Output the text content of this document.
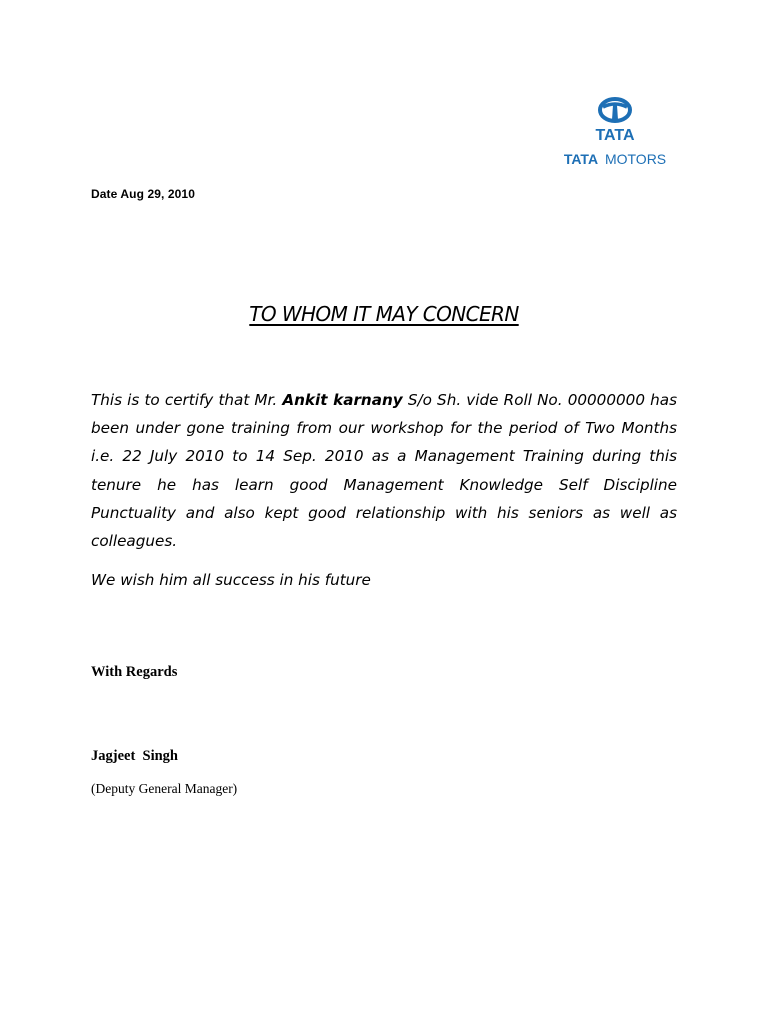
TATA
TATA MOTORS
Date Aug 29, 2010
TO WHOM IT MAY CONCERN

This is to certify that Mr. Ankit karnany S/o Sh. vide Roll No. 00000000 has been under gone training from our workshop for the period of Two Months i.e. 22 July 2010 to 14 Sep. 2010 as a Management Training during this tenure he has learn good Management Knowledge Self Discipline Punctuality and also kept good relationship with his seniors as well as colleagues.

We wish him all success in his future
With Regards
Jagjeet  Singh
(Deputy General Manager)
